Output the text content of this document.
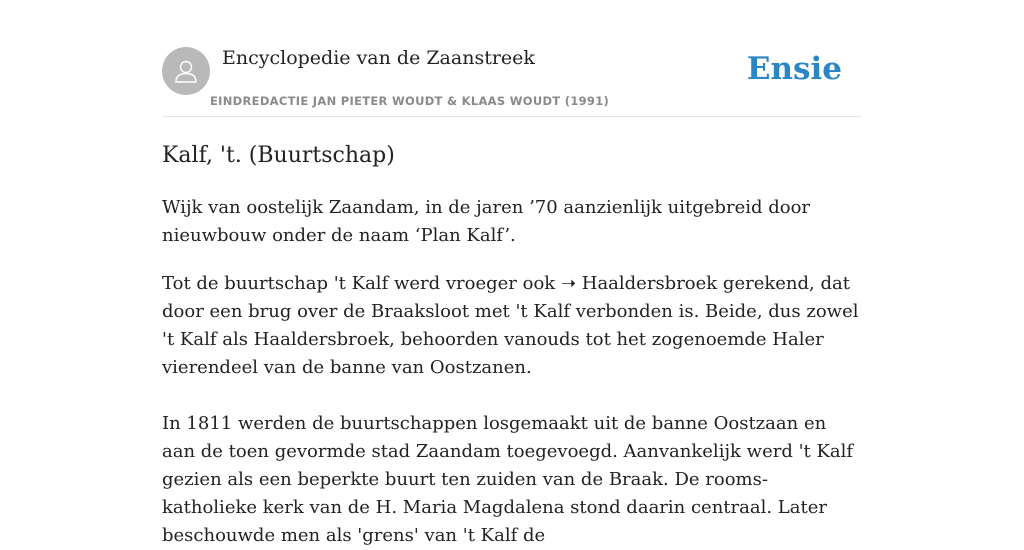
Encyclopedie van de Zaanstreek
EINDREDACTIE JAN PIETER WOUDT & KLAAS WOUDT (1991)
Ensie
Kalf, 't. (Buurtschap)

Wijk van oostelijk Zaandam, in de jaren ’70 aanzienlijk uitgebreid door nieuwbouw onder de naam ‘Plan Kalf’.

Tot de buurtschap 't Kalf werd vroeger ook ➝ Haaldersbroek gerekend, dat door een brug over de Braaksloot met 't Kalf verbonden is. Beide, dus zowel 't Kalf als Haaldersbroek, behoorden vanouds tot het zogenoemde Haler vierendeel van de banne van Oostzanen.

In 1811 werden de buurtschappen losgemaakt uit de banne Oostzaan en aan de toen gevormde stad Zaandam toegevoegd. Aanvankelijk werd 't Kalf gezien als een beperkte buurt ten zuiden van de Braak. De rooms-katholieke kerk van de H. Maria Magdalena stond daarin centraal. Later beschouwde men als 'grens' van 't Kalf de
